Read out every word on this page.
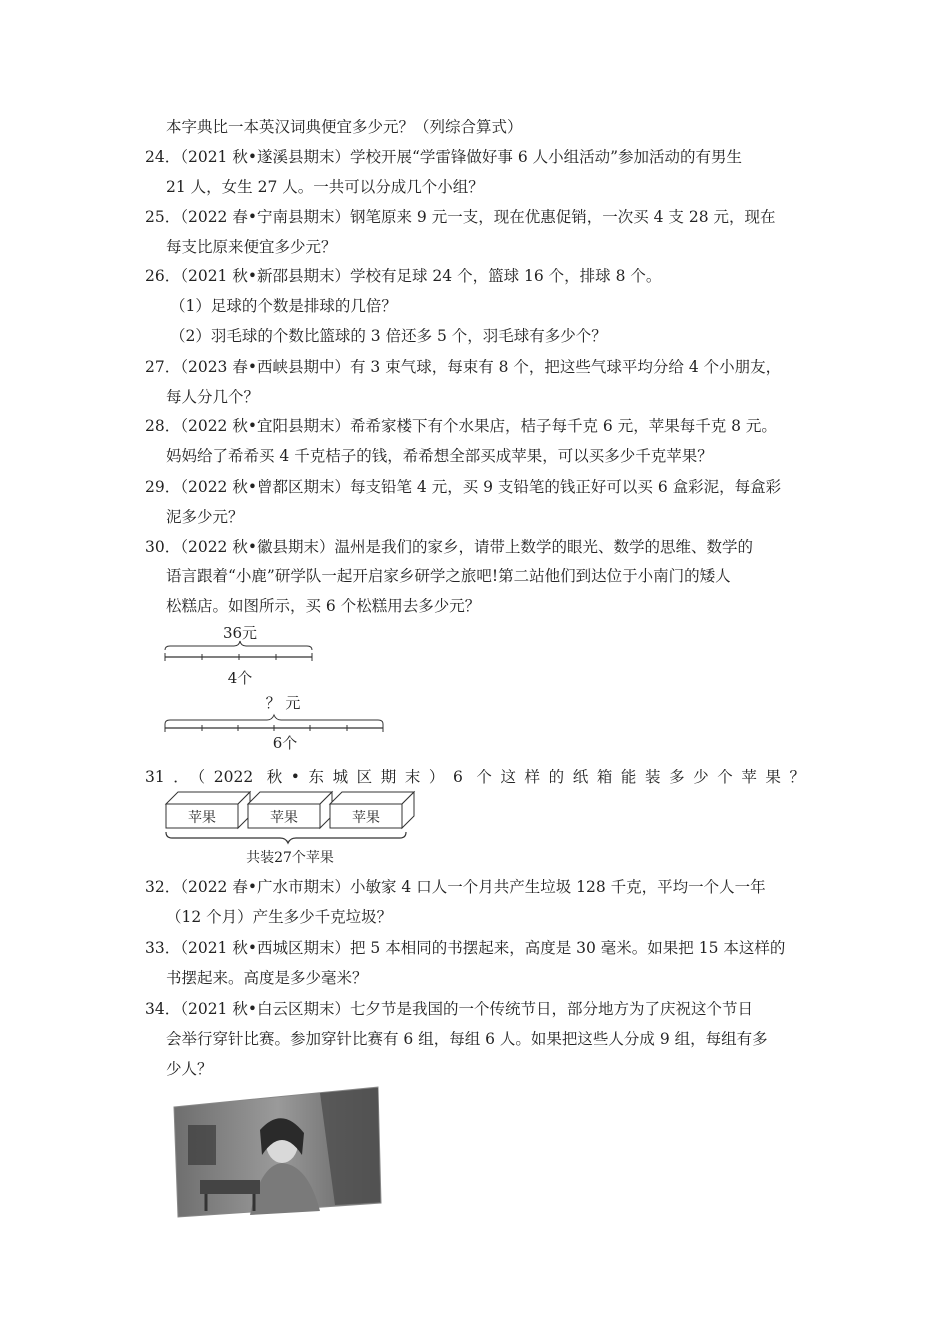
本字典比一本英汉词典便宜多少元？（列综合算式）
24．（2021 秋•遂溪县期末）学校开展“学雷锋做好事 6 人小组活动”参加活动的有男生
21 人，女生 27 人。一共可以分成几个小组？
25．（2022 春•宁南县期末）钢笔原来 9 元一支，现在优惠促销，一次买 4 支 28 元，现在
每支比原来便宜多少元？
26．（2021 秋•新邵县期末）学校有足球 24 个，篮球 16 个，排球 8 个。
（1）足球的个数是排球的几倍？
（2）羽毛球的个数比篮球的 3 倍还多 5 个，羽毛球有多少个？
27．（2023 春•西峡县期中）有 3 束气球，每束有 8 个，把这些气球平均分给 4 个小朋友，
每人分几个？
28．（2022 秋•宜阳县期末）希希家楼下有个水果店，桔子每千克 6 元，苹果每千克 8 元。
妈妈给了希希买 4 千克桔子的钱，希希想全部买成苹果，可以买多少千克苹果？
29．（2022 秋•曾都区期末）每支铅笔 4 元，买 9 支铅笔的钱正好可以买 6 盒彩泥，每盒彩
泥多少元？
30．（2022 秋•徽县期末）温州是我们的家乡，请带上数学的眼光、数学的思维、数学的
语言跟着“小鹿”研学队一起开启家乡研学之旅吧!第二站他们到达位于小南门的矮人
松糕店。如图所示，买 6 个松糕用去多少元？
36元
4个
？ 元
6个
31．（2022 秋•东城区期末）6 个这样的纸箱能装多少个苹果？
苹果	苹果	苹果
共装27个苹果
32．（2022 春•广水市期末）小敏家 4 口人一个月共产生垃圾 128 千克，平均一个人一年
（12 个月）产生多少千克垃圾？
33．（2021 秋•西城区期末）把 5 本相同的书摆起来，高度是 30 毫米。如果把 15 本这样的
书摆起来。高度是多少毫米？
34．（2021 秋•白云区期末）七夕节是我国的一个传统节日，部分地方为了庆祝这个节日
会举行穿针比赛。参加穿针比赛有 6 组，每组 6 人。如果把这些人分成 9 组，每组有多
少人？
